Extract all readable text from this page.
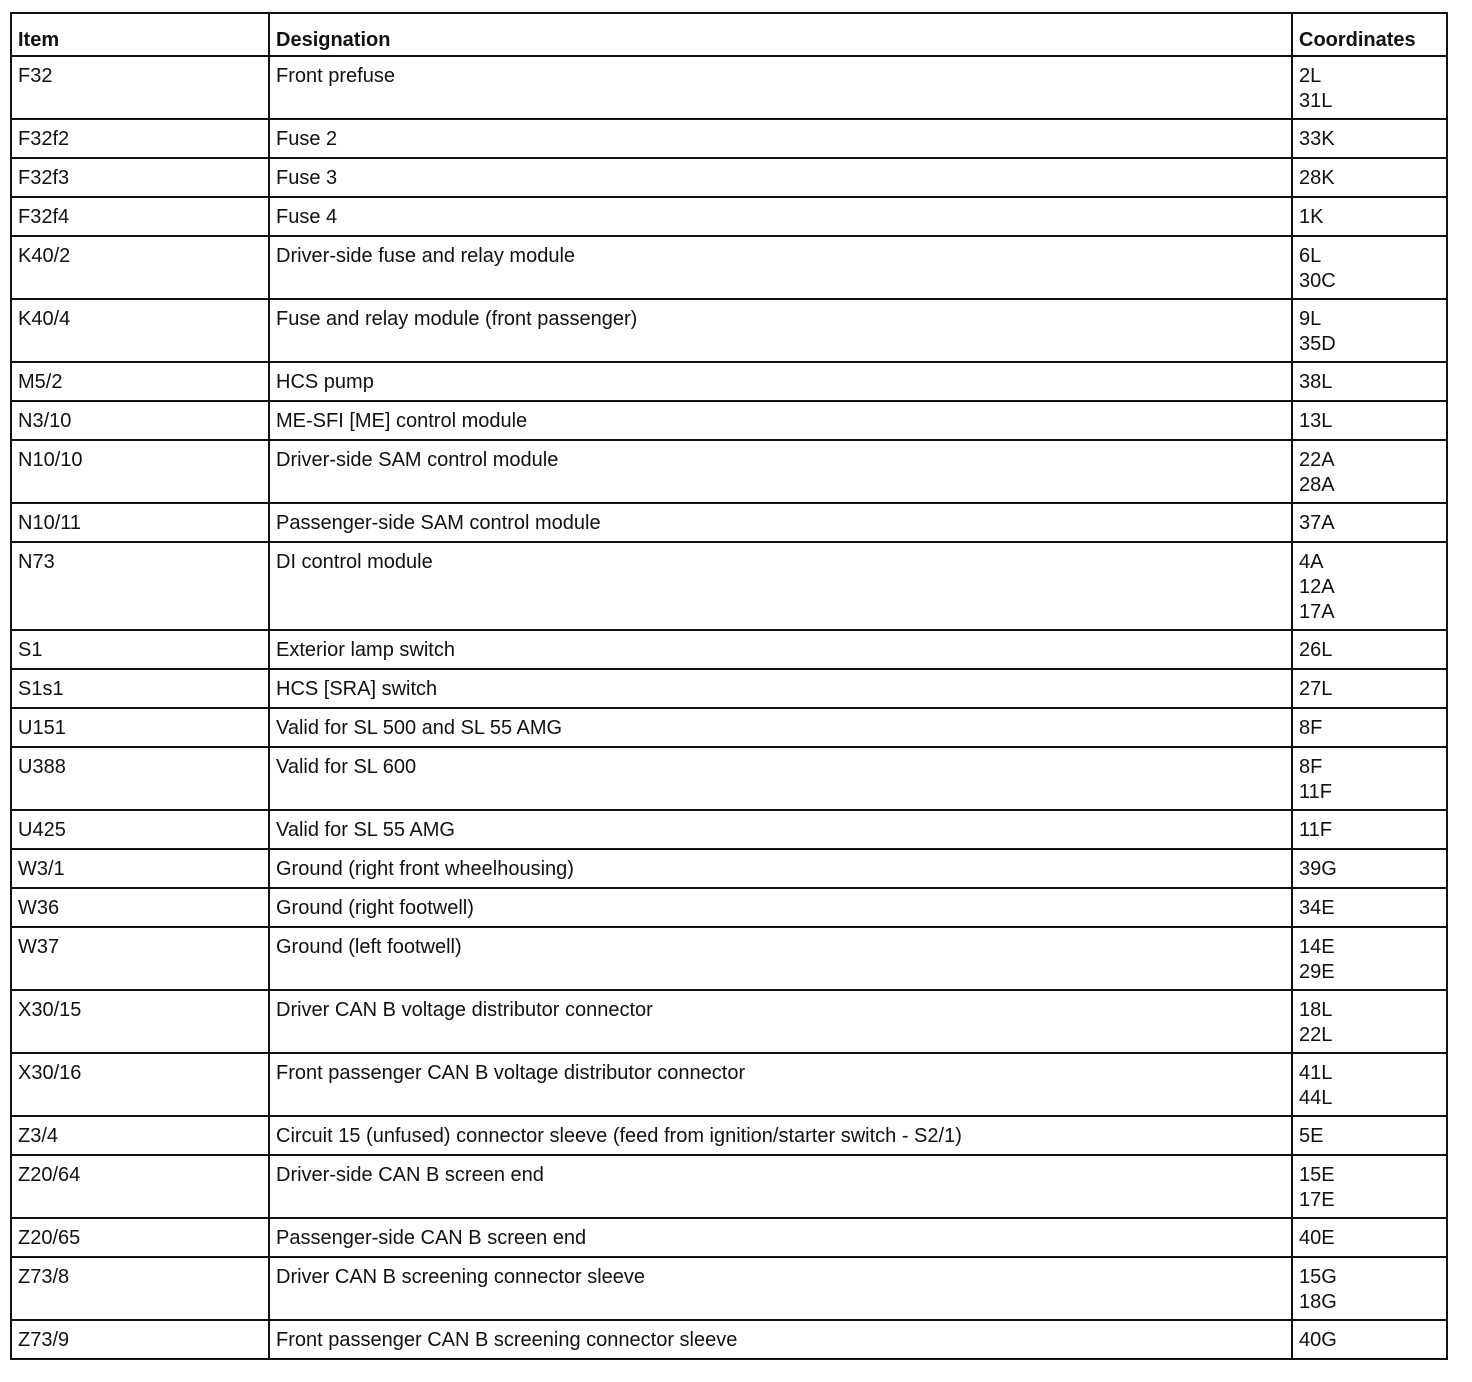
Item	Designation	Coordinates
F32	Front prefuse	2L
31L

F32f2	Fuse 2	33K

F32f3	Fuse 3	28K

F32f4	Fuse 4	1K

K40/2	Driver-side fuse and relay module	6L
30C

K40/4	Fuse and relay module (front passenger)	9L
35D

M5/2	HCS pump	38L

N3/10	ME-SFI [ME] control module	13L

N10/10	Driver-side SAM control module	22A
28A

N10/11	Passenger-side SAM control module	37A

N73	DI control module	4A
12A
17A

S1	Exterior lamp switch	26L

S1s1	HCS [SRA] switch	27L

U151	Valid for SL 500 and SL 55 AMG	8F

U388	Valid for SL 600	8F
11F

U425	Valid for SL 55 AMG	11F

W3/1	Ground (right front wheelhousing)	39G

W36	Ground (right footwell)	34E

W37	Ground (left footwell)	14E
29E

X30/15	Driver CAN B voltage distributor connector	18L
22L

X30/16	Front passenger CAN B voltage distributor connector	41L
44L

Z3/4	Circuit 15 (unfused) connector sleeve (feed from ignition/starter switch - S2/1)	5E

Z20/64	Driver-side CAN B screen end	15E
17E

Z20/65	Passenger-side CAN B screen end	40E

Z73/8	Driver CAN B screening connector sleeve	15G
18G

Z73/9	Front passenger CAN B screening connector sleeve	40G
